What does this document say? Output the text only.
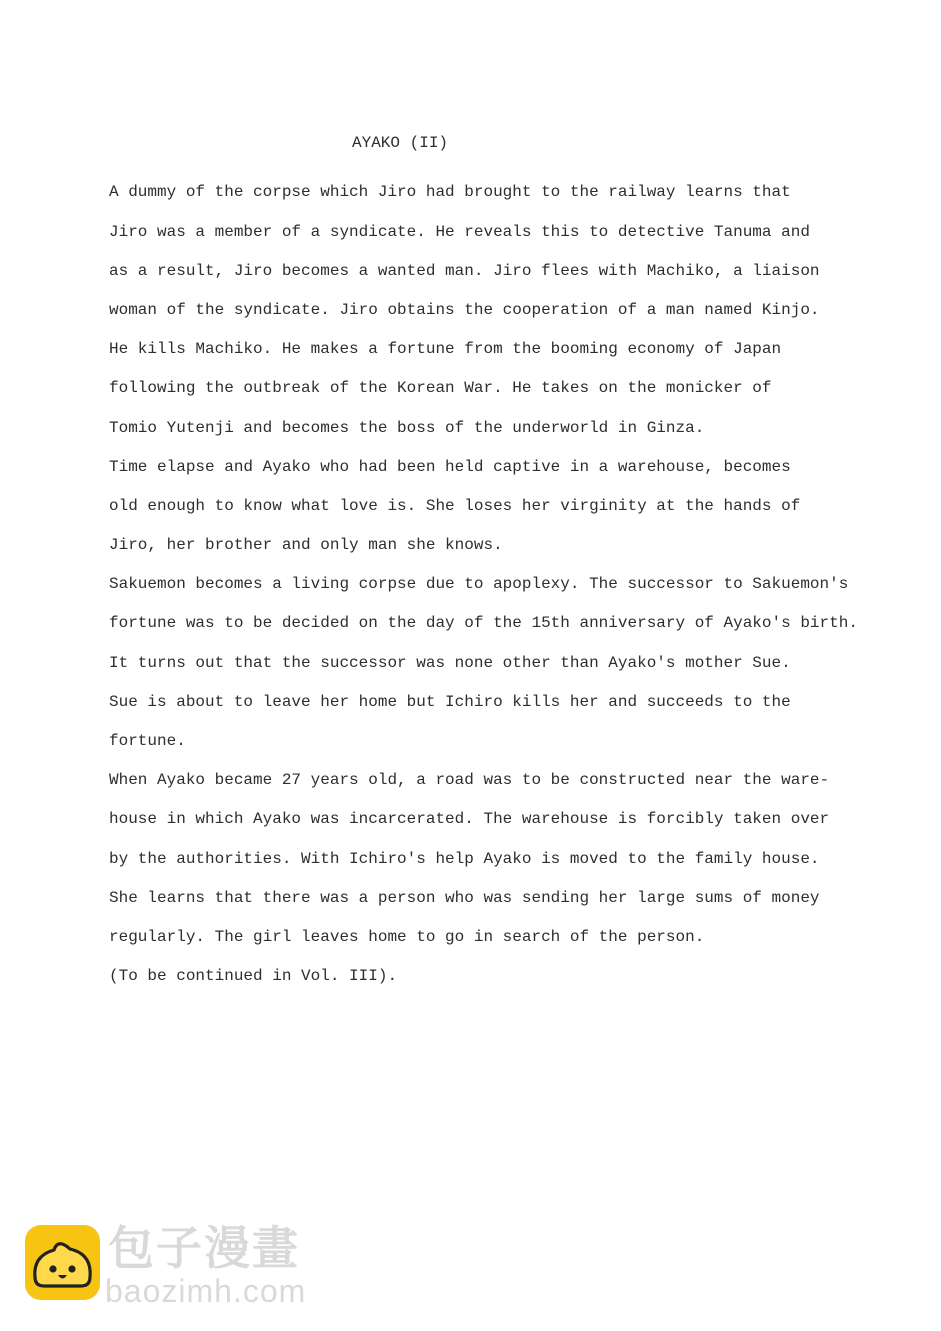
AYAKO (II)
A dummy of the corpse which Jiro had brought to the railway learns that
Jiro was a member of a syndicate. He reveals this to detective Tanuma and
as a result, Jiro becomes a wanted man. Jiro flees with Machiko, a liaison
woman of the syndicate. Jiro obtains the cooperation of a man named Kinjo.
He kills Machiko. He makes a fortune from the booming economy of Japan
following the outbreak of the Korean War. He takes on the monicker of
Tomio Yutenji and becomes the boss of the underworld in Ginza.
Time elapse and Ayako who had been held captive in a warehouse, becomes
old enough to know what love is. She loses her virginity at the hands of
Jiro, her brother and only man she knows.
Sakuemon becomes a living corpse due to apoplexy. The successor to Sakuemon's
fortune was to be decided on the day of the 15th anniversary of Ayako's birth.
It turns out that the successor was none other than Ayako's mother Sue.
Sue is about to leave her home but Ichiro kills her and succeeds to the
fortune.
When Ayako became 27 years old, a road was to be constructed near the ware-
house in which Ayako was incarcerated. The warehouse is forcibly taken over
by the authorities. With Ichiro's help Ayako is moved to the family house.
She learns that there was a person who was sending her large sums of money
regularly. The girl leaves home to go in search of the person.
(To be continued in Vol. III).
包子漫畫
baozimh.com
